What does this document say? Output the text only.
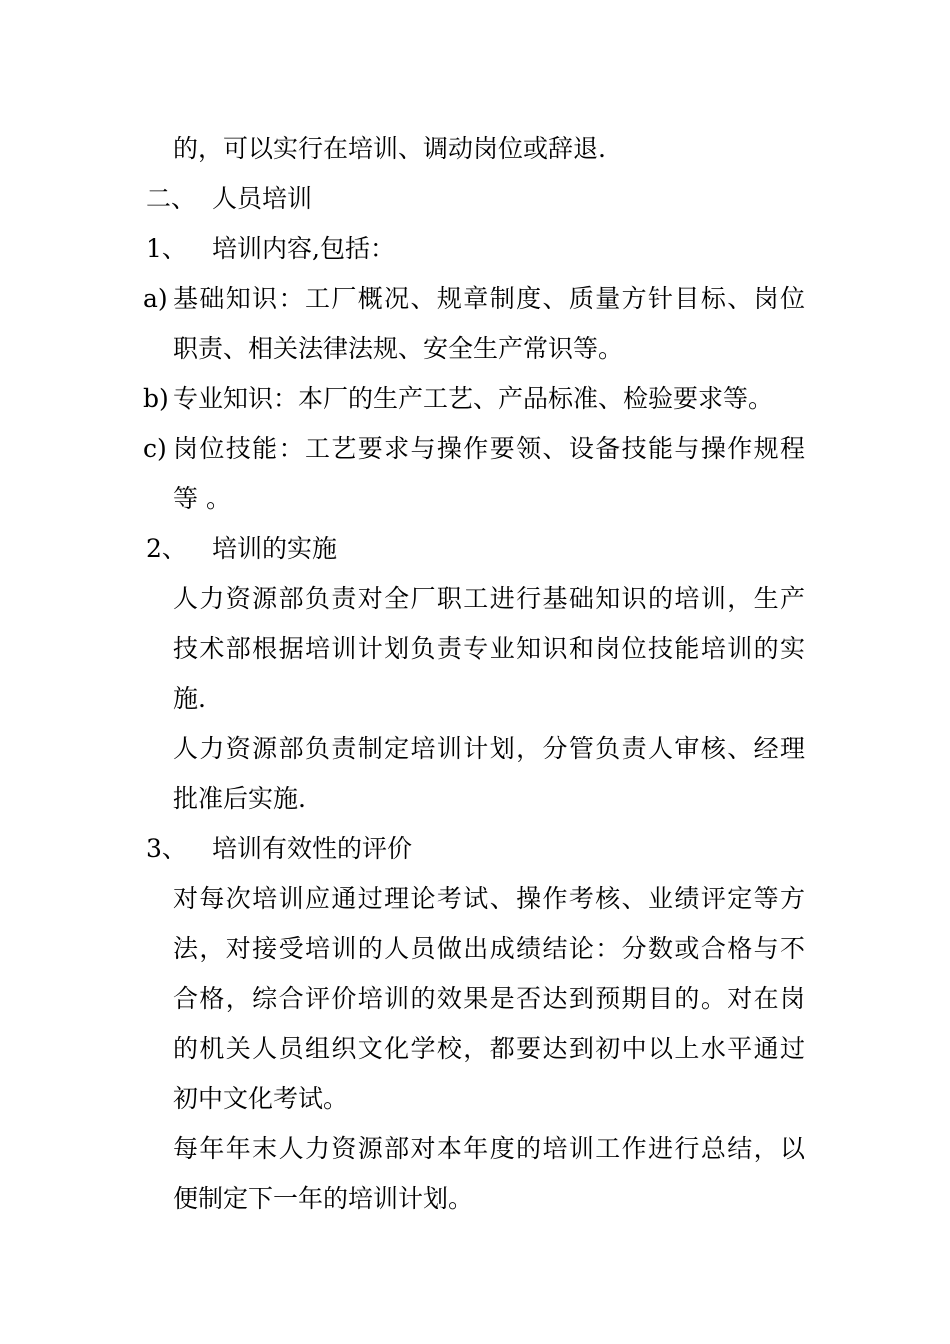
的，可以实行在培训、调动岗位或辞退.
二、 人员培训
1、 培训内容,包括：
a) 基础知识：工厂概况、规章制度、质量方针目标、岗位
职责、相关法律法规、安全生产常识等。
b) 专业知识：本厂的生产工艺、产品标准、检验要求等。
c) 岗位技能：工艺要求与操作要领、设备技能与操作规程
等 。
2、 培训的实施
人力资源部负责对全厂职工进行基础知识的培训，生产
技术部根据培训计划负责专业知识和岗位技能培训的实
施.
人力资源部负责制定培训计划，分管负责人审核、经理
批准后实施.
3、 培训有效性的评价
对每次培训应通过理论考试、操作考核、业绩评定等方
法，对接受培训的人员做出成绩结论：分数或合格与不
合格，综合评价培训的效果是否达到预期目的。对在岗
的机关人员组织文化学校，都要达到初中以上水平通过
初中文化考试。
每年年末人力资源部对本年度的培训工作进行总结，以
便制定下一年的培训计划。
